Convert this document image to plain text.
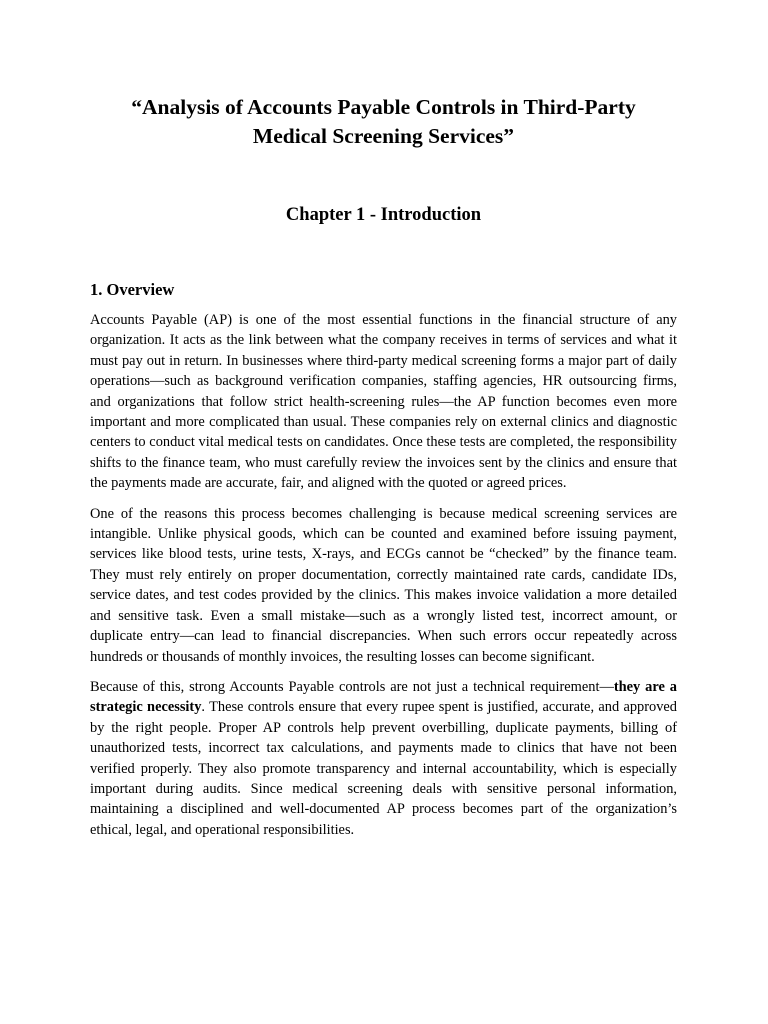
“Analysis of Accounts Payable Controls in Third-Party
Medical Screening Services”
Chapter 1 - Introduction
1. Overview

Accounts Payable (AP) is one of the most essential functions in the financial structure of any organization. It acts as the link between what the company receives in terms of services and what it must pay out in return. In businesses where third-party medical screening forms a major part of daily operations—such as background verification companies, staffing agencies, HR outsourcing firms, and organizations that follow strict health-screening rules—the AP function becomes even more important and more complicated than usual. These companies rely on external clinics and diagnostic centers to conduct vital medical tests on candidates. Once these tests are completed, the responsibility shifts to the finance team, who must carefully review the invoices sent by the clinics and ensure that the payments made are accurate, fair, and aligned with the quoted or agreed prices.

One of the reasons this process becomes challenging is because medical screening services are intangible. Unlike physical goods, which can be counted and examined before issuing payment, services like blood tests, urine tests, X-rays, and ECGs cannot be “checked” by the finance team. They must rely entirely on proper documentation, correctly maintained rate cards, candidate IDs, service dates, and test codes provided by the clinics. This makes invoice validation a more detailed and sensitive task. Even a small mistake—such as a wrongly listed test, incorrect amount, or duplicate entry—can lead to financial discrepancies. When such errors occur repeatedly across hundreds or thousands of monthly invoices, the resulting losses can become significant.

Because of this, strong Accounts Payable controls are not just a technical requirement—they are a strategic necessity. These controls ensure that every rupee spent is justified, accurate, and approved by the right people. Proper AP controls help prevent overbilling, duplicate payments, billing of unauthorized tests, incorrect tax calculations, and payments made to clinics that have not been verified properly. They also promote transparency and internal accountability, which is especially important during audits. Since medical screening deals with sensitive personal information, maintaining a disciplined and well-documented AP process becomes part of the organization’s ethical, legal, and operational responsibilities.
